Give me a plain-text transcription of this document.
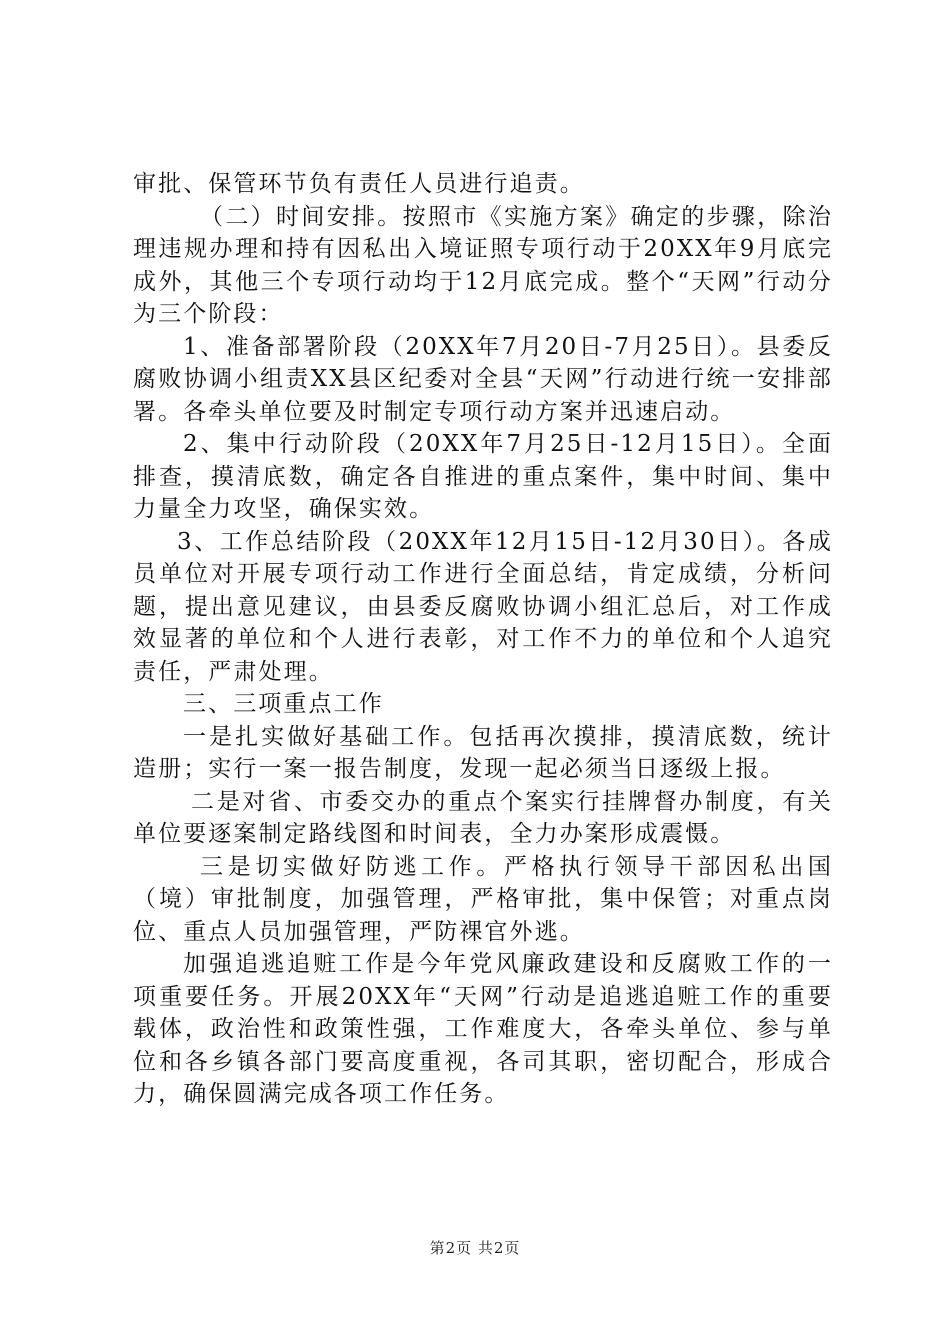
审批、保管环节负有责任人员进行追责。

（二）时间安排。按照市《实施方案》确定的步骤，除治理违规办理和持有因私出入境证照专项行动于20XX年9月底完成外，其他三个专项行动均于12月底完成。整个“天网”行动分为三个阶段：

1、准备部署阶段（20XX年7月20日-7月25日）。县委反腐败协调小组责XX县区纪委对全县“天网”行动进行统一安排部署。各牵头单位要及时制定专项行动方案并迅速启动。

2、集中行动阶段（20XX年7月25日-12月15日）。全面排查，摸清底数，确定各自推进的重点案件，集中时间、集中力量全力攻坚，确保实效。

3、工作总结阶段（20XX年12月15日-12月30日）。各成员单位对开展专项行动工作进行全面总结，肯定成绩，分析问题，提出意见建议，由县委反腐败协调小组汇总后，对工作成效显著的单位和个人进行表彰，对工作不力的单位和个人追究责任，严肃处理。

三、三项重点工作

一是扎实做好基础工作。包括再次摸排，摸清底数，统计造册；实行一案一报告制度，发现一起必须当日逐级上报。

二是对省、市委交办的重点个案实行挂牌督办制度，有关单位要逐案制定路线图和时间表，全力办案形成震慑。

三是切实做好防逃工作。严格执行领导干部因私出国（境）审批制度，加强管理，严格审批，集中保管；对重点岗位、重点人员加强管理，严防裸官外逃。

加强追逃追赃工作是今年党风廉政建设和反腐败工作的一项重要任务。开展20XX年“天网”行动是追逃追赃工作的重要载体，政治性和政策性强，工作难度大，各牵头单位、参与单位和各乡镇各部门要高度重视，各司其职，密切配合，形成合力，确保圆满完成各项工作任务。

第2页 共2页
